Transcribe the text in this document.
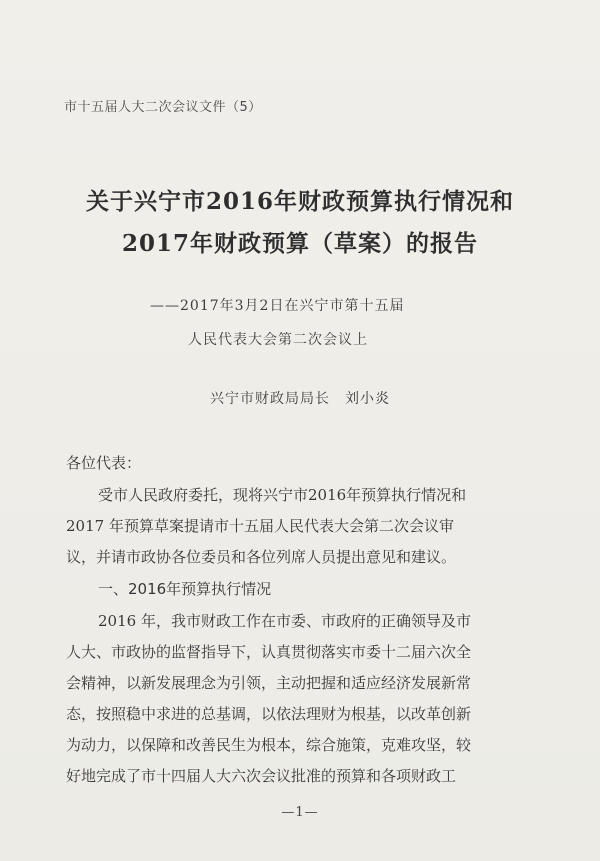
市十五届人大二次会议文件（5）
关于兴宁市2016年财政预算执行情况和
2017年财政预算（草案）的报告
——2017年3月2日在兴宁市第十五届
人民代表大会第二次会议上
兴宁市财政局局长　刘小炎
各位代表：
受市人民政府委托，现将兴宁市2016年预算执行情况和
2017 年预算草案提请市十五届人民代表大会第二次会议审
议，并请市政协各位委员和各位列席人员提出意见和建议。
一、2016年预算执行情况
2016 年，我市财政工作在市委、市政府的正确领导及市
人大、市政协的监督指导下，认真贯彻落实市委十二届六次全
会精神，以新发展理念为引领，主动把握和适应经济发展新常
态，按照稳中求进的总基调，以依法理财为根基，以改革创新
为动力，以保障和改善民生为根本，综合施策，克难攻坚，较
好地完成了市十四届人大六次会议批准的预算和各项财政工
—1—
